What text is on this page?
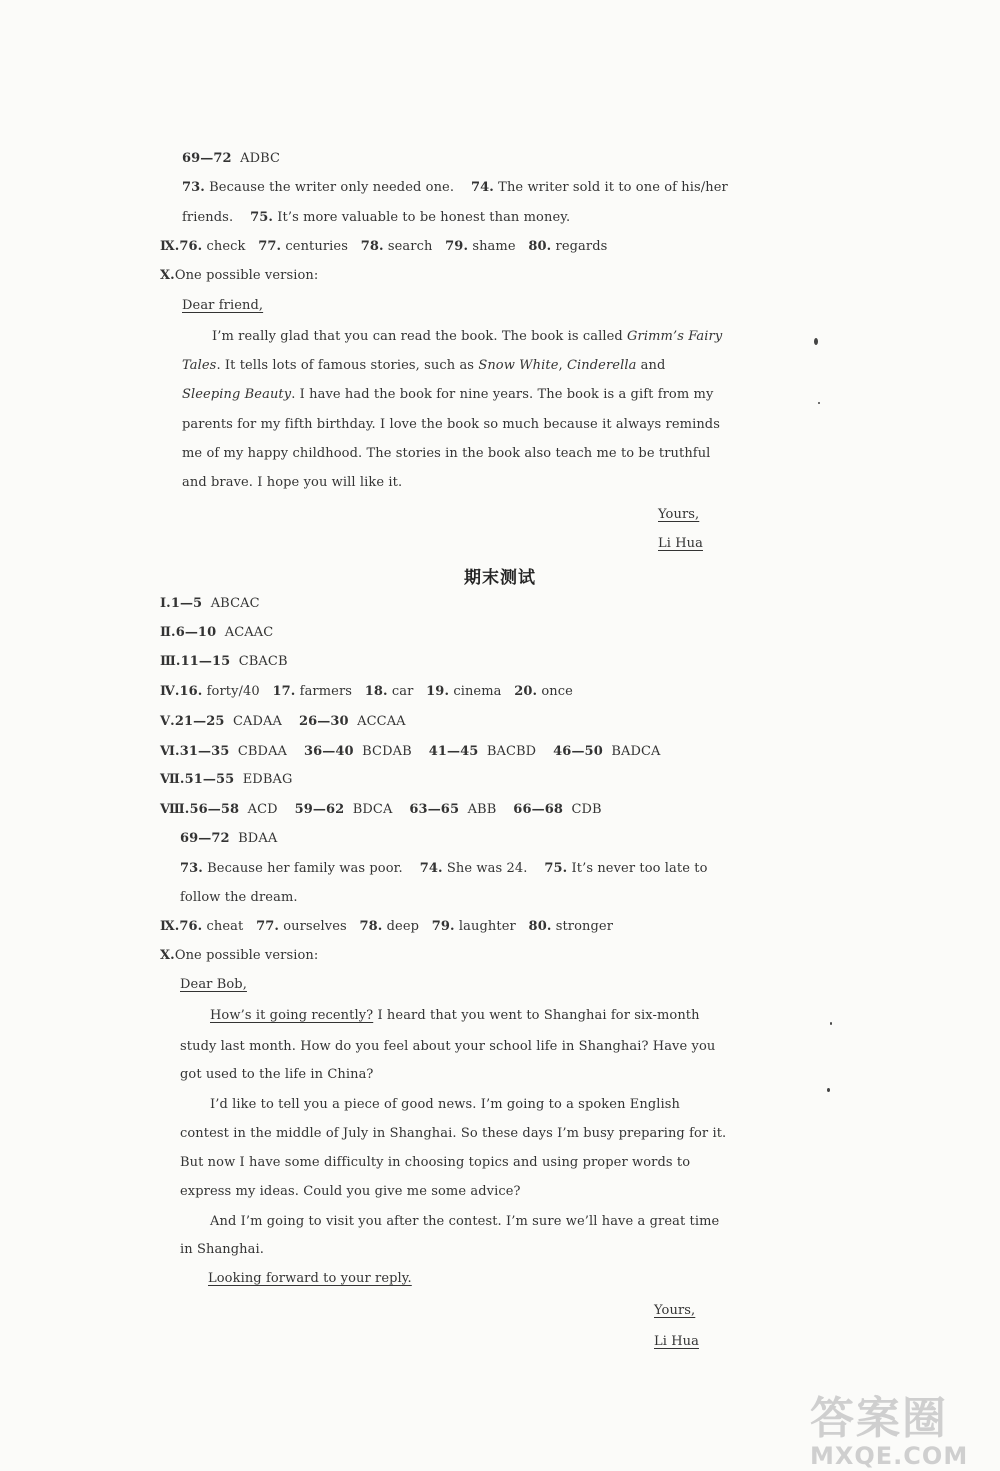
69—72 ADBC
73. Because the writer only needed one. 74. The writer sold it to one of his/her
friends. 75. It’s more valuable to be honest than money.
Ⅸ.76. check 77. centuries 78. search 79. shame 80. regards
Ⅹ.One possible version:
Dear friend,
I’m really glad that you can read the book. The book is called Grimm’s Fairy
Tales. It tells lots of famous stories, such as Snow White, Cinderella and
Sleeping Beauty. I have had the book for nine years. The book is a gift from my
parents for my fifth birthday. I love the book so much because it always reminds
me of my happy childhood. The stories in the book also teach me to be truthful
and brave. I hope you will like it.
Yours,
Li Hua
期末测试
Ⅰ.1—5 ABCAC
Ⅱ.6—10 ACAAC
Ⅲ.11—15 CBACB
Ⅳ.16. forty/40 17. farmers 18. car 19. cinema 20. once
Ⅴ.21—25 CADAA 26—30 ACCAA
Ⅵ.31—35 CBDAA 36—40 BCDAB 41—45 BACBD 46—50 BADCA
Ⅶ.51—55 EDBAG
Ⅷ.56—58 ACD 59—62 BDCA 63—65 ABB 66—68 CDB
69—72 BDAA
73. Because her family was poor. 74. She was 24. 75. It’s never too late to
follow the dream.
Ⅸ.76. cheat 77. ourselves 78. deep 79. laughter 80. stronger
Ⅹ.One possible version:
Dear Bob,
How’s it going recently? I heard that you went to Shanghai for six-month
study last month. How do you feel about your school life in Shanghai? Have you
got used to the life in China?
I’d like to tell you a piece of good news. I’m going to a spoken English
contest in the middle of July in Shanghai. So these days I’m busy preparing for it.
But now I have some difficulty in choosing topics and using proper words to
express my ideas. Could you give me some advice?
And I’m going to visit you after the contest. I’m sure we’ll have a great time
in Shanghai.
Looking forward to your reply.
Yours,
Li Hua
答案圈
MXQE.COM
